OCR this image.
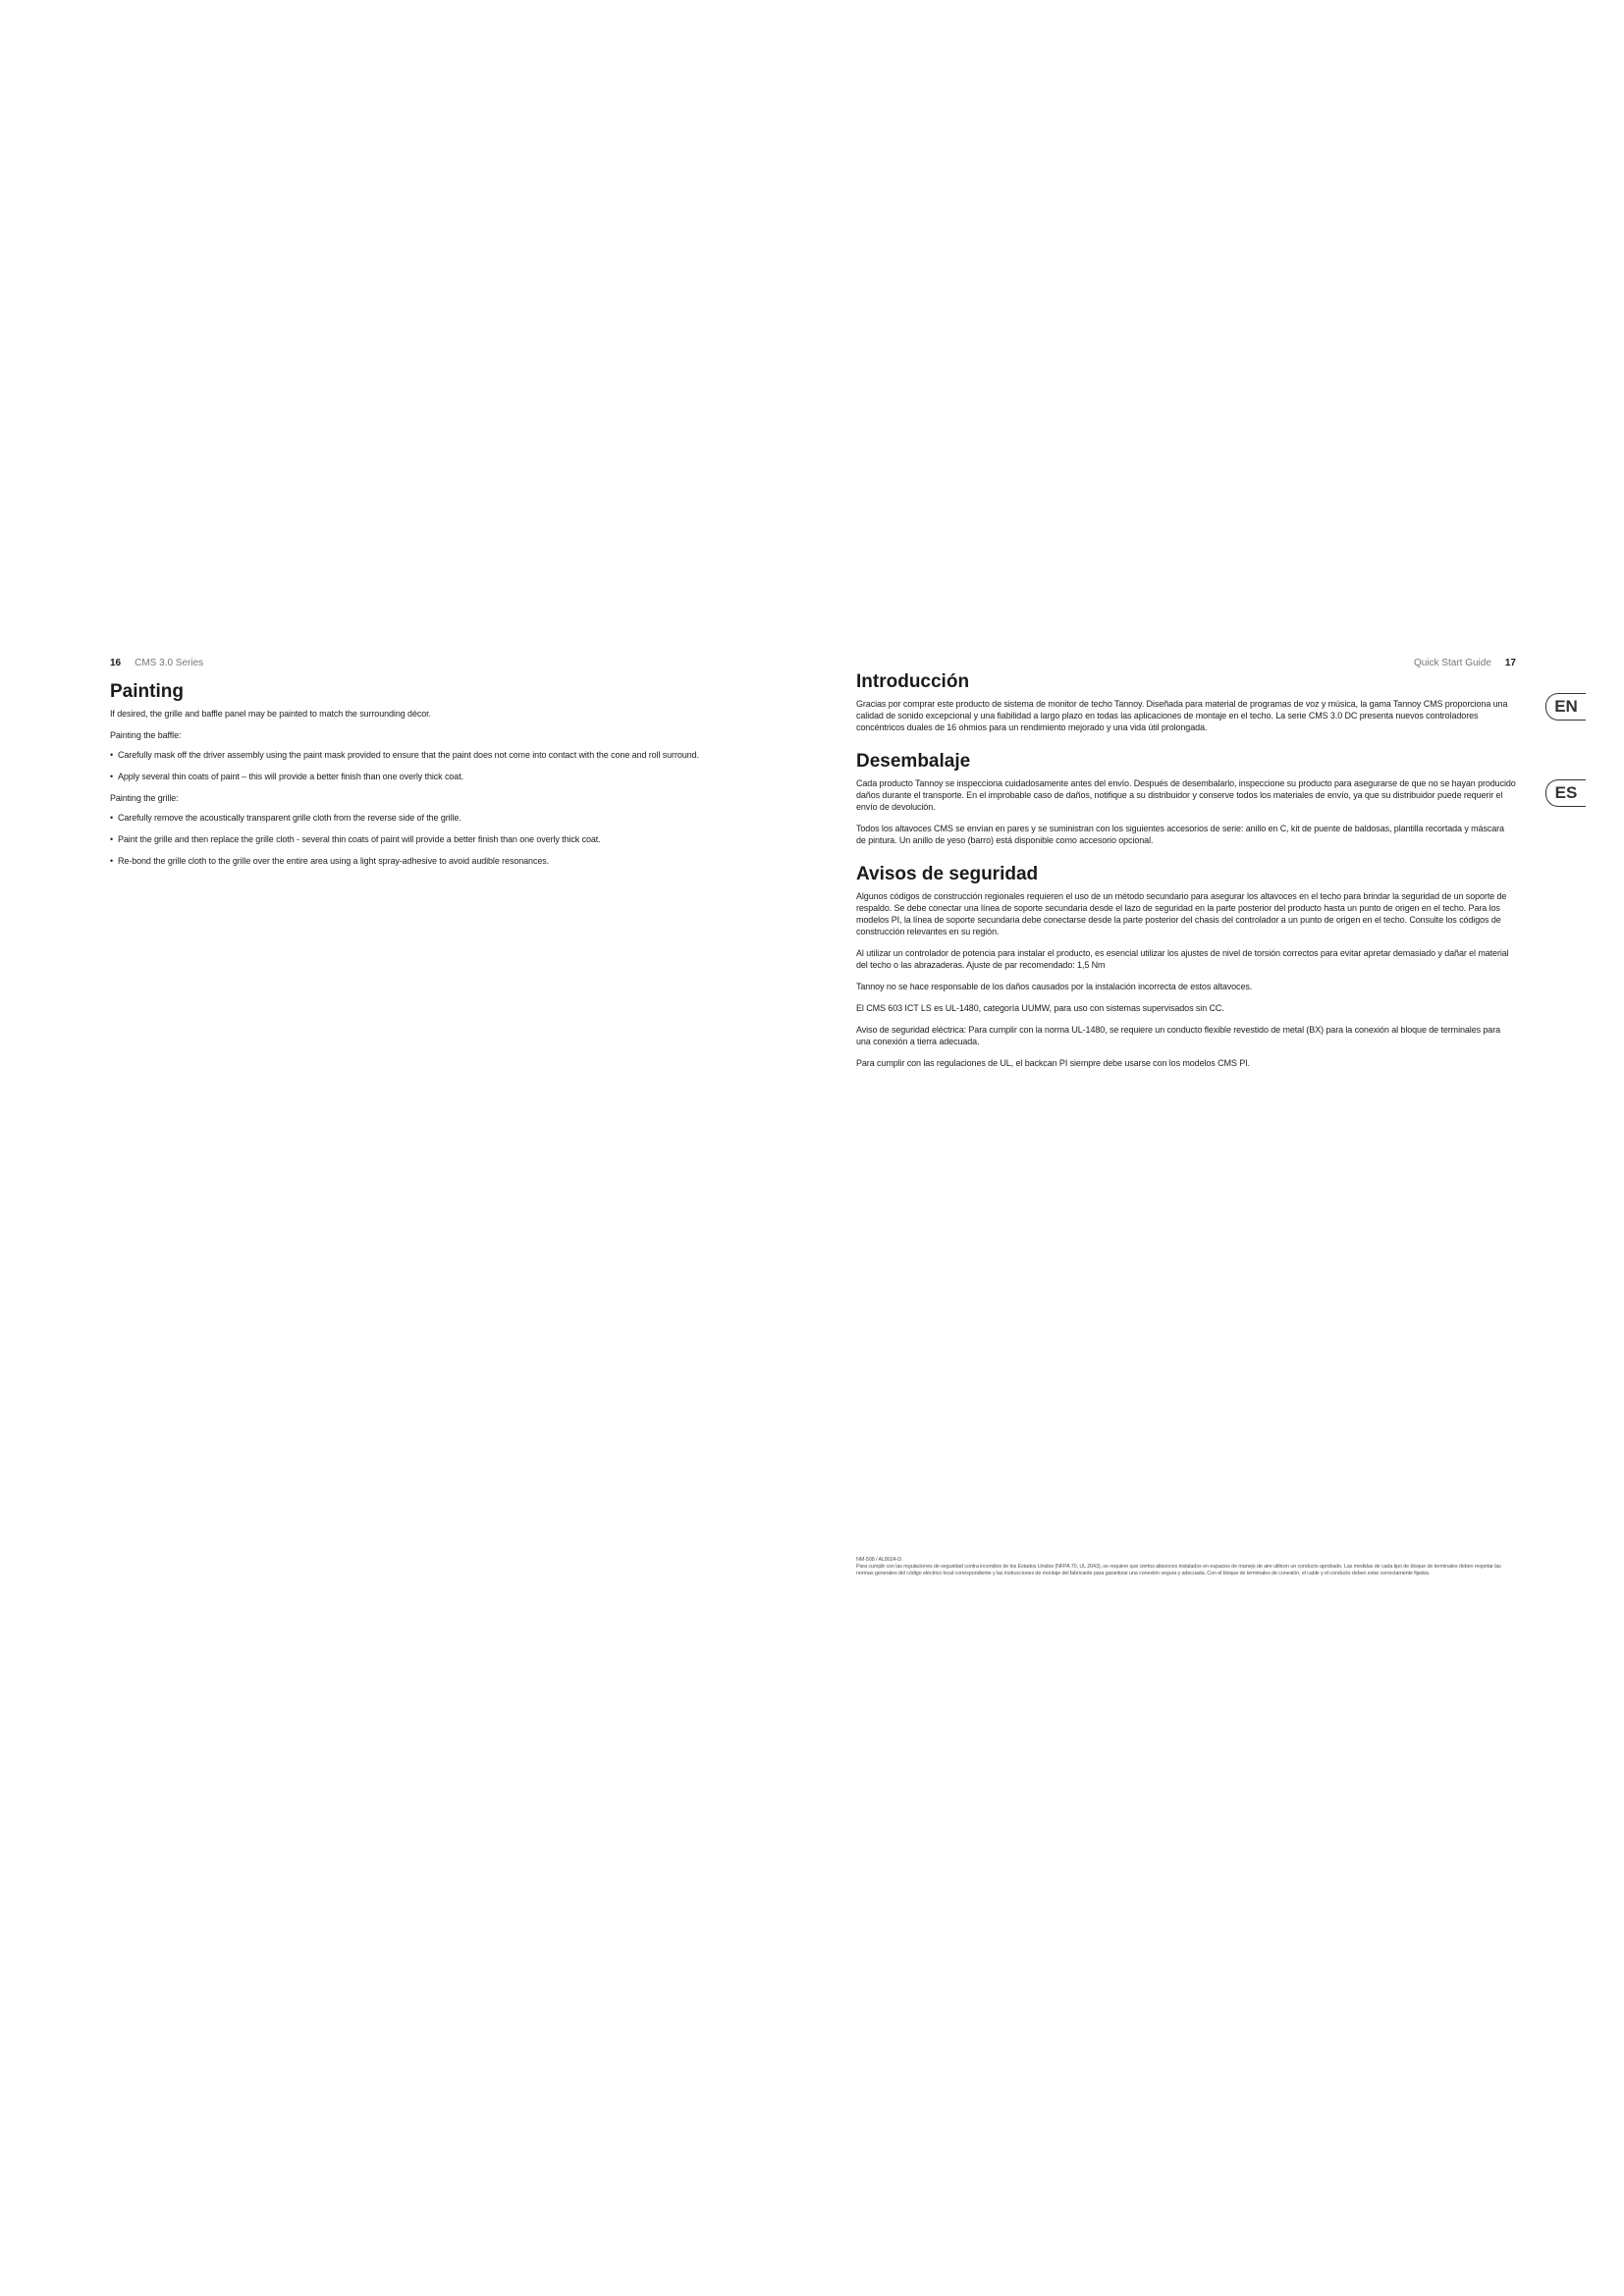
16 CMS 3.0 Series
Painting

If desired, the grille and baffle panel may be painted to match the surrounding décor.

Painting the baffle:

• Carefully mask off the driver assembly using the paint mask provided to ensure that the paint does not come into contact with the cone and roll surround.
• Apply several thin coats of paint – this will provide a better finish than one overly thick coat.

Painting the grille:

• Carefully remove the acoustically transparent grille cloth from the reverse side of the grille.
• Paint the grille and then replace the grille cloth - several thin coats of paint will provide a better finish than one overly thick coat.
• Re-bond the grille cloth to the grille over the entire area using a light spray-adhesive to avoid audible resonances.
Quick Start Guide 17
Introducción

Gracias por comprar este producto de sistema de monitor de techo Tannoy. Diseñada para material de programas de voz y música, la gama Tannoy CMS proporciona una calidad de sonido excepcional y una fiabilidad a largo plazo en todas las aplicaciones de montaje en el techo. La serie CMS 3.0 DC presenta nuevos controladores concéntricos duales de 16 ohmios para un rendimiento mejorado y una vida útil prolongada.

Desembalaje

Cada producto Tannoy se inspecciona cuidadosamente antes del envío. Después de desembalarlo, inspeccione su producto para asegurarse de que no se hayan producido daños durante el transporte. En el improbable caso de daños, notifique a su distribuidor y conserve todos los materiales de envío, ya que su distribuidor puede requerir el envío de devolución.

Todos los altavoces CMS se envían en pares y se suministran con los siguientes accesorios de serie: anillo en C, kit de puente de baldosas, plantilla recortada y máscara de pintura. Un anillo de yeso (barro) está disponible como accesorio opcional.

Avisos de seguridad

Algunos códigos de construcción regionales requieren el uso de un método secundario para asegurar los altavoces en el techo para brindar la seguridad de un soporte de respaldo. Se debe conectar una línea de soporte secundaria desde el lazo de seguridad en la parte posterior del producto hasta un punto de origen en el techo. Para los modelos PI, la línea de soporte secundaria debe conectarse desde la parte posterior del chasis del controlador a un punto de origen en el techo. Consulte los códigos de construcción relevantes en su región.

Al utilizar un controlador de potencia para instalar el producto, es esencial utilizar los ajustes de nivel de torsión correctos para evitar apretar demasiado y dañar el material del techo o las abrazaderas. Ajuste de par recomendado: 1,5 Nm

Tannoy no se hace responsable de los daños causados por la instalación incorrecta de estos altavoces.

El CMS 603 ICT LS es UL-1480, categoría UUMW, para uso con sistemas supervisados sin CC.

Aviso de seguridad eléctrica: Para cumplir con la norma UL-1480, se requiere un conducto flexible revestido de metal (BX) para la conexión al bloque de terminales para una conexión a tierra adecuada.

Para cumplir con las regulaciones de UL, el backcan PI siempre debe usarse con los modelos CMS PI.

EN
ES

NM-508 / AL8024-D

Para cumplir con las regulaciones de seguridad contra incendios de los Estados Unidos (NFPA 70, UL 2043), se requiere que ciertos altavoces instalados en espacios de manejo de aire utilicen un conducto aprobado. Las medidas de cada tipo de bloque de terminales deben respetar las normas generales del código eléctrico local correspondiente y las instrucciones de montaje del fabricante para garantizar una conexión segura y adecuada. Con el bloque de terminales de conexión, el cable y el conducto deben estar correctamente fijados.
